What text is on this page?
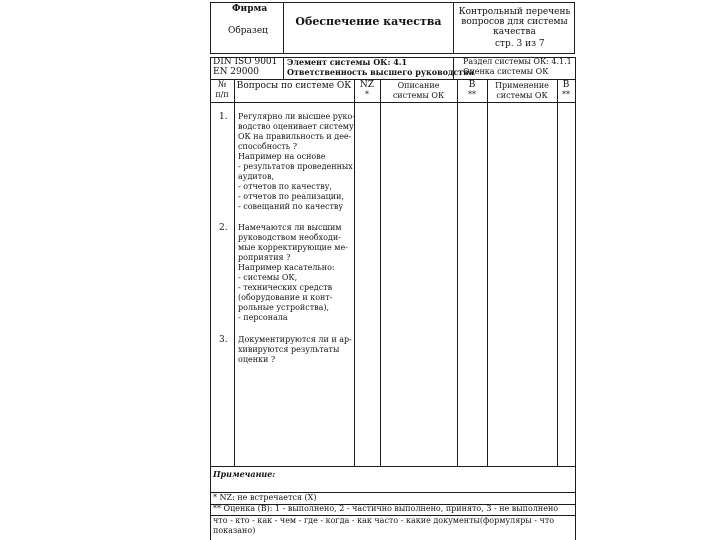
Фирма
Образец
Обеспечение качества
Контрольный перечень
вопросов для системы
качества
стр. 3 из 7
DIN ISO 9001
EN 29000
Элемент системы ОК: 4.1
Ответственность высшего руководства
Раздел системы ОК: 4.1.1
Оценка системы ОК
№
п/п
Вопросы по системе ОК NZ
*
Описание
системы ОК
В
**
Применение
системы ОК
В
**
1. Регулярно ли высшее руко-
водство оценивает систему
ОК на правильность и дее-
способность ?
Например на основе
- результатов проведенных
аудитов,
- отчетов по качеству,
- отчетов по реализации,
- совещаний по качеству
2. Намечаются ли высшим
руководством необходи-
мые корректирующие ме-
роприятия ?
Например касательно:
- системы ОК,
- технических средств
(оборудование и конт-
рольные устройства),
- персонала
3. Документируются ли и ар-
хивируются результаты
оценки ?
Примечание:
* NZ: не встречается (Х)
** Оценка (В): 1 - выполнено, 2 - частично выполнено, принято, 3 - не выполнено
что - кто - как - чем - где - когда - как часто - какие документы(формуляры - что
показано)
